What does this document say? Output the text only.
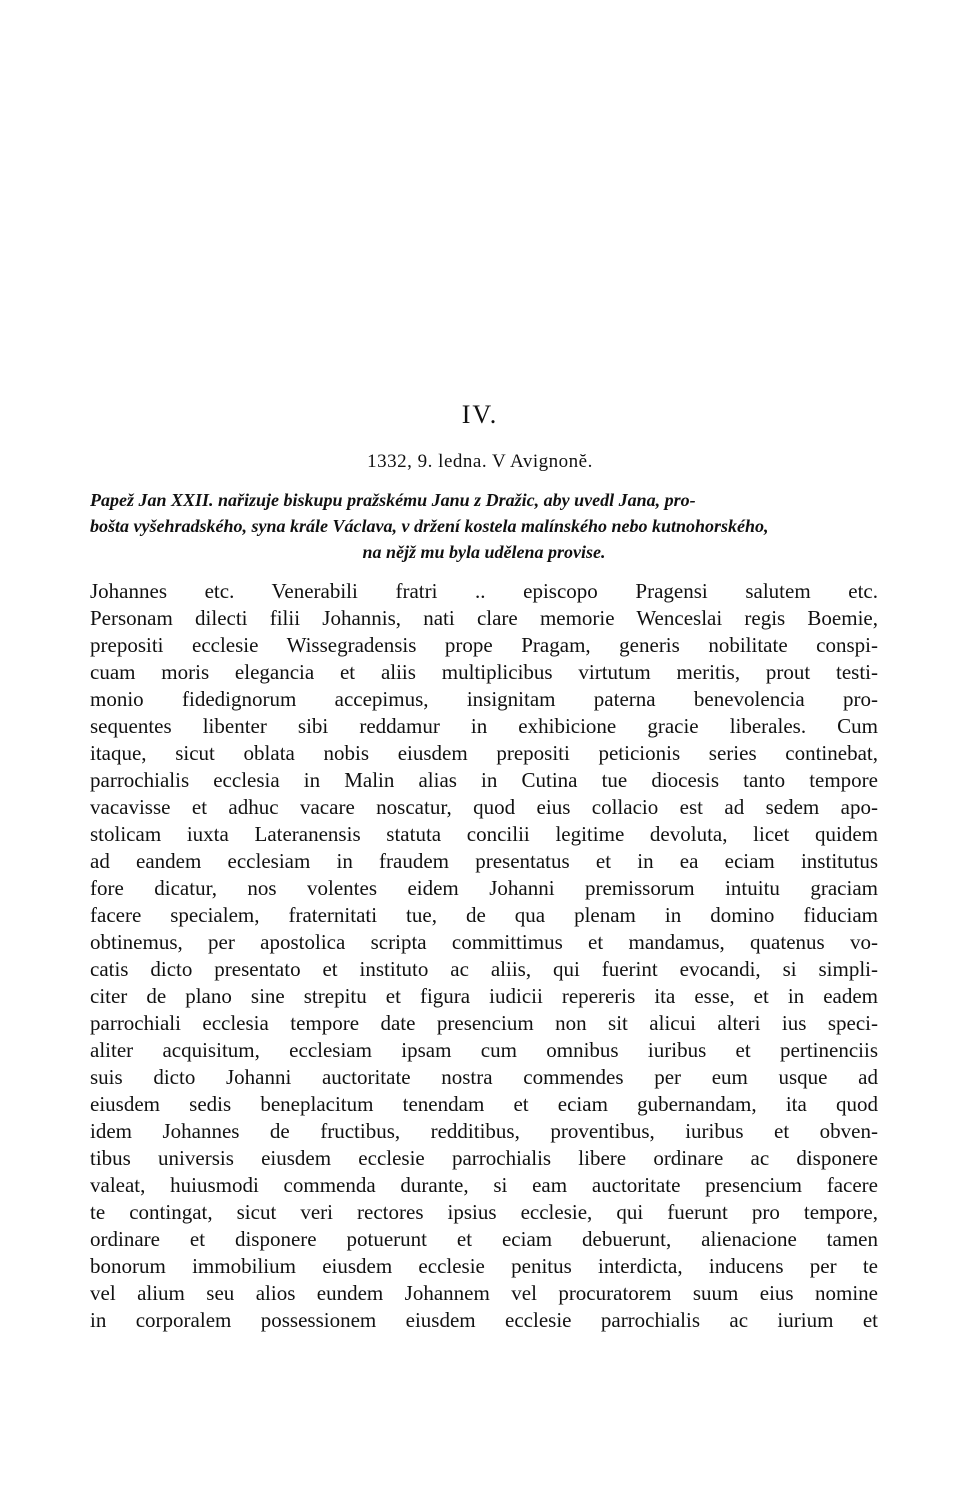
IV.
1332, 9. ledna. V Avignonĕ.
Papež Jan XXII. nařizuje biskupu pražskému Janu z Dražic, aby uvedl Jana, pro-
bošta vyšehradského, syna krále Václava, v držení kostela malínského nebo kutnohorského,
na nějž mu byla udělena provise.
Johannes etc. Venerabili fratri .. episcopo Pragensi salutem etc.
Personam dilecti filii Johannis, nati clare memorie Wenceslai regis Boemie,
prepositi ecclesie Wissegradensis prope Pragam, generis nobilitate conspi-
cuam moris elegancia et aliis multiplicibus virtutum meritis, prout testi-
monio fidedignorum accepimus, insignitam paterna benevolencia pro-
sequentes libenter sibi reddamur in exhibicione gracie liberales. Cum
itaque, sicut oblata nobis eiusdem prepositi peticionis series continebat,
parrochialis ecclesia in Malin alias in Cutina tue diocesis tanto tempore
vacavisse et adhuc vacare noscatur, quod eius collacio est ad sedem apo-
stolicam iuxta Lateranensis statuta concilii legitime devoluta, licet quidem
ad eandem ecclesiam in fraudem presentatus et in ea eciam institutus
fore dicatur, nos volentes eidem Johanni premissorum intuitu graciam
facere specialem, fraternitati tue, de qua plenam in domino fiduciam
obtinemus, per apostolica scripta committimus et mandamus, quatenus vo-
catis dicto presentato et instituto ac aliis, qui fuerint evocandi, si simpli-
citer de plano sine strepitu et figura iudicii repereris ita esse, et in eadem
parrochiali ecclesia tempore date presencium non sit alicui alteri ius speci-
aliter acquisitum, ecclesiam ipsam cum omnibus iuribus et pertinenciis
suis dicto Johanni auctoritate nostra commendes per eum usque ad
eiusdem sedis beneplacitum tenendam et eciam gubernandam, ita quod
idem Johannes de fructibus, redditibus, proventibus, iuribus et obven-
tibus universis eiusdem ecclesie parrochialis libere ordinare ac disponere
valeat, huiusmodi commenda durante, si eam auctoritate presencium facere
te contingat, sicut veri rectores ipsius ecclesie, qui fuerunt pro tempore,
ordinare et disponere potuerunt et eciam debuerunt, alienacione tamen
bonorum immobilium eiusdem ecclesie penitus interdicta, inducens per te
vel alium seu alios eundem Johannem vel procuratorem suum eius nomine
in corporalem possessionem eiusdem ecclesie parrochialis ac iurium et
